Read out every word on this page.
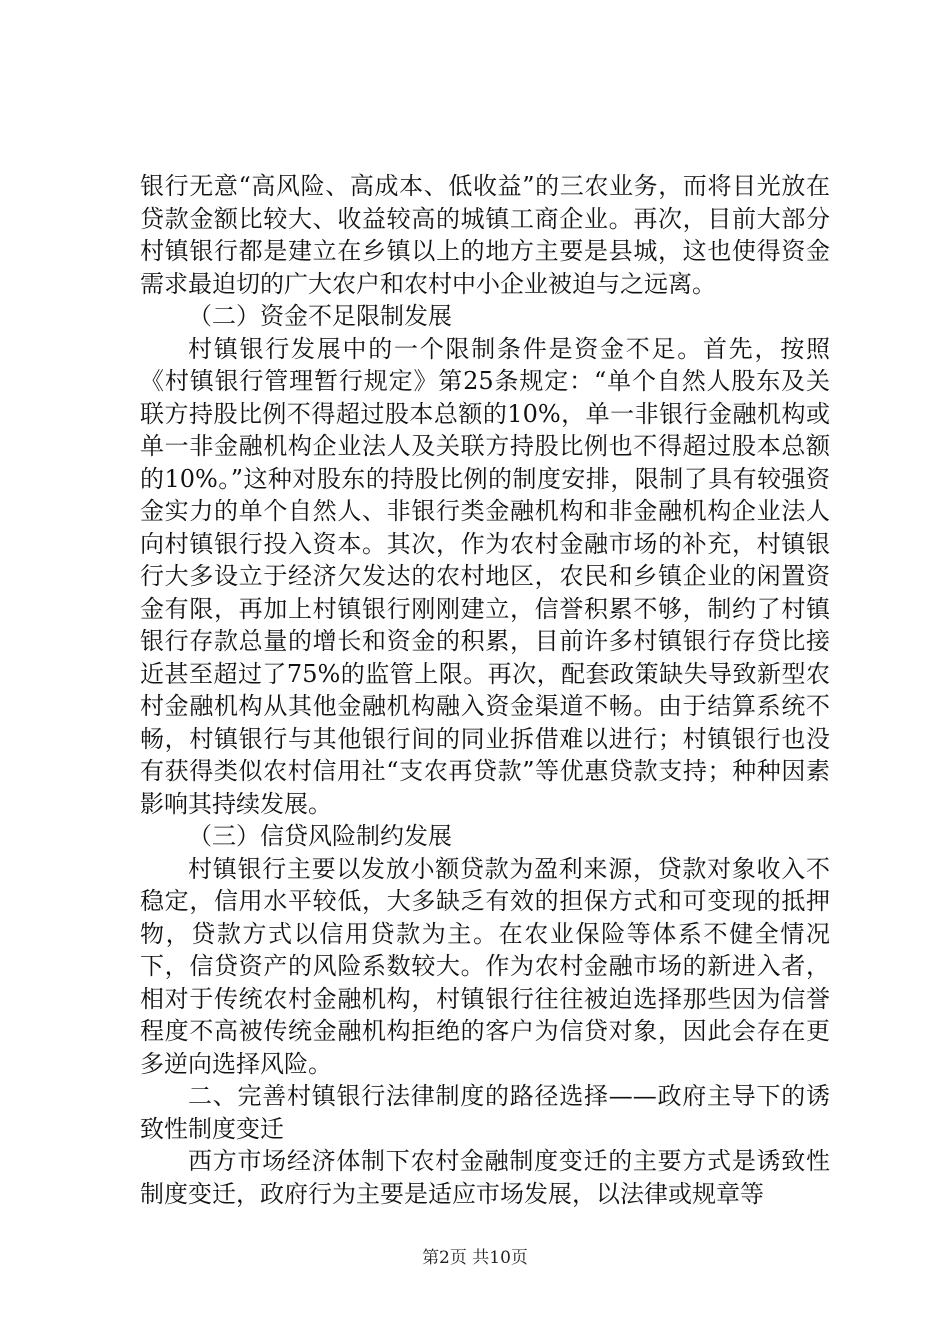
银行无意“高风险、高成本、低收益”的三农业务，而将目光放在贷款金额比较大、收益较高的城镇工商企业。再次，目前大部分村镇银行都是建立在乡镇以上的地方主要是县城，这也使得资金需求最迫切的广大农户和农村中小企业被迫与之远离。

（二）资金不足限制发展

村镇银行发展中的一个限制条件是资金不足。首先，按照《村镇银行管理暂行规定》第25条规定：“单个自然人股东及关联方持股比例不得超过股本总额的10%，单一非银行金融机构或单一非金融机构企业法人及关联方持股比例也不得超过股本总额的10%。”这种对股东的持股比例的制度安排，限制了具有较强资金实力的单个自然人、非银行类金融机构和非金融机构企业法人向村镇银行投入资本。其次，作为农村金融市场的补充，村镇银行大多设立于经济欠发达的农村地区，农民和乡镇企业的闲置资金有限，再加上村镇银行刚刚建立，信誉积累不够，制约了村镇银行存款总量的增长和资金的积累，目前许多村镇银行存贷比接近甚至超过了75%的监管上限。再次，配套政策缺失导致新型农村金融机构从其他金融机构融入资金渠道不畅。由于结算系统不畅，村镇银行与其他银行间的同业拆借难以进行；村镇银行也没有获得类似农村信用社“支农再贷款”等优惠贷款支持；种种因素影响其持续发展。

（三）信贷风险制约发展

村镇银行主要以发放小额贷款为盈利来源，贷款对象收入不稳定，信用水平较低，大多缺乏有效的担保方式和可变现的抵押物，贷款方式以信用贷款为主。在农业保险等体系不健全情况下，信贷资产的风险系数较大。作为农村金融市场的新进入者，相对于传统农村金融机构，村镇银行往往被迫选择那些因为信誉程度不高被传统金融机构拒绝的客户为信贷对象，因此会存在更多逆向选择风险。

二、完善村镇银行法律制度的路径选择——政府主导下的诱致性制度变迁

西方市场经济体制下农村金融制度变迁的主要方式是诱致性制度变迁，政府行为主要是适应市场发展，以法律或规章等

第2页 共10页
